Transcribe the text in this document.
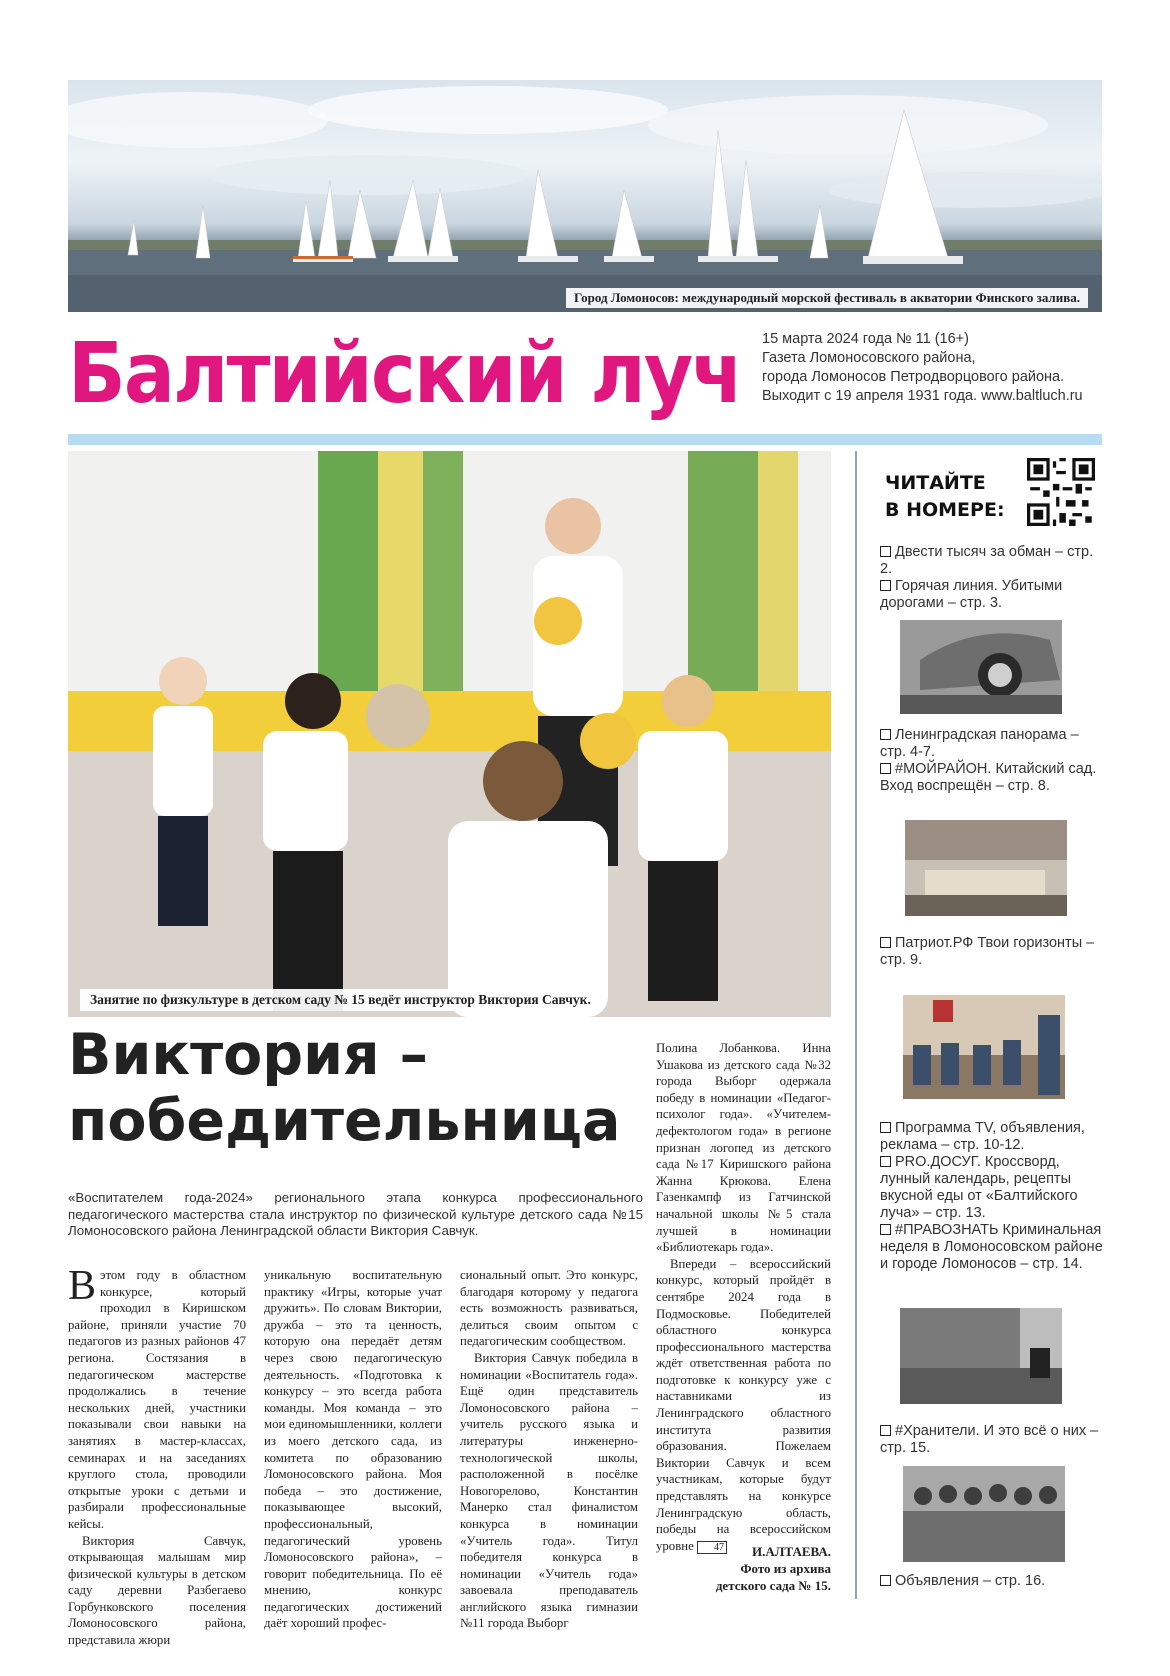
Город Ломоносов: международный морской фестиваль в акватории Финского залива.
Балтийский луч 15 марта 2024 года № 11 (16+)
Газета Ломоносовского района,
города Ломоносов Петродворцового района.
Выходит с 19 апреля 1931 года. www.baltluch.ru
Занятие по физкультуре в детском саду № 15 ведёт инструктор Виктория Савчук.
Виктория –
победительница
«Воспитателем года-2024» регионального этапа конкурса профессионального педагогического мастерства стала инструктор по физической культуре детского сада №15 Ломоносовского района Ленинградской области Виктория Савчук.

Вэтом году в областном конкурсе, который проходил в Киришском районе, приняли участие 70 педагогов из разных районов 47 региона. Состязания в педагогическом мастерстве продолжались в течение нескольких дней, участники показывали свои навыки на занятиях в мастер-классах, семинарах и на заседаниях круглого стола, проводили открытые уроки с детьми и разбирали профессиональные кейсы.

Виктория Савчук, открывающая малышам мир физической культуры в детском саду деревни Разбегаево Горбунковского поселения Ломоносовского района, представила жюри

уникальную воспитательную практику «Игры, которые учат дружить». По словам Виктории, дружба – это та ценность, которую она передаёт детям через свою педагогическую деятельность. «Подготовка к конкурсу – это всегда работа команды. Моя команда – это мои единомышленники, коллеги из моего детского сада, из комитета по образованию Ломоносовского района. Моя победа – это достижение, показывающее высокий, профессиональный, педагогический уровень Ломоносовского района», – говорит победительница. По её мнению, конкурс педагогических достижений даёт хороший профес-

сиональный опыт. Это конкурс, благодаря которому у педагога есть возможность развиваться, делиться своим опытом с педагогическим сообществом.

Виктория Савчук победила в номинации «Воспитатель года». Ещё один представитель Ломоносовского района – учитель русского языка и литературы инженерно-технологической школы, расположенной в посёлке Новогорелово, Константин Манерко стал финалистом конкурса в номинации «Учитель года». Титул победителя конкурса в номинации «Учитель года» завоевала преподаватель английского языка гимназии №11 города Выборг

Полина Лобанкова. Инна Ушакова из детского сада №32 города Выборг одержала победу в номинации «Педагог-психолог года». «Учителем-дефектологом года» в регионе признан логопед из детского сада №17 Киришского района Жанна Крюкова. Елена Газенкампф из Гатчинской начальной школы №5 стала лучшей в номинации «Библиотекарь года».

Впереди – всероссийский конкурс, который пройдёт в сентябре 2024 года в Подмосковье. Победителей областного конкурса профессионального мастерства ждёт ответственная работа по подготовке к конкурсу уже с наставниками из Ленинградского областного института развития образования. Пожелаем Виктории Савчук и всем участникам, которые будут представлять на конкурсе Ленинградскую область, победы на всероссийском уровне 47	И.АЛТАЕВА.
Фото из архива
детского сада № 15.
ЧИТАЙТЕ
В НОМЕРЕ:
Двести тысяч за обман – стр. 2.
Горячая линия. Убитыми дорогами – стр. 3.
Ленинградская панорама – стр. 4-7.
#МОЙРАЙОН. Китайский сад. Вход воспрещён – стр. 8.
Патриот.РФ Твои горизонты – стр. 9.
Программа TV, объявления, реклама – стр. 10-12.
PRO.ДОСУГ. Кроссворд, лунный календарь, рецепты вкусной еды от «Балтийского луча» – стр. 13.
#ПРАВОЗНАТЬ Криминальная неделя в Ломоносовском районе и городе Ломоносов – стр. 14.
#Хранители. И это всё о них – стр. 15.
Объявления – стр. 16.
